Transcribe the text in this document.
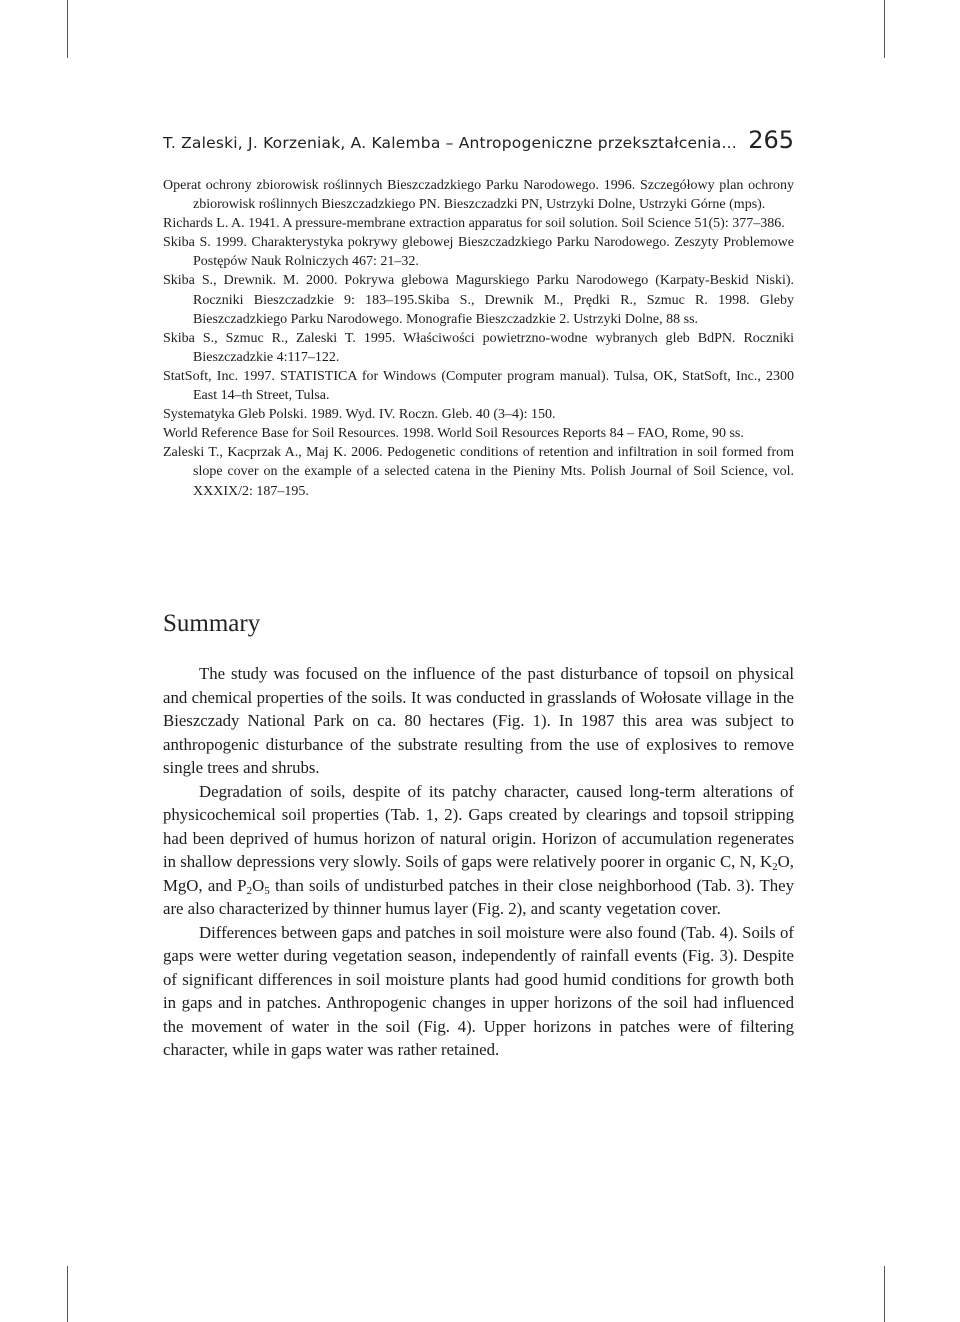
T. Zaleski, J. Korzeniak, A. Kalemba – Antropogeniczne przekształcenia... 265
Operat ochrony zbiorowisk roślinnych Bieszczadzkiego Parku Narodowego. 1996. Szczegółowy plan ochrony zbiorowisk roślinnych Bieszczadzkiego PN. Bieszczadzki PN, Ustrzyki Dolne, Ustrzyki Górne (mps).
Richards L. A. 1941. A pressure-membrane extraction apparatus for soil solution. Soil Science 51(5): 377–386.
Skiba S. 1999. Charakterystyka pokrywy glebowej Bieszczadzkiego Parku Narodowego. Zeszyty Problemowe Postępów Nauk Rolniczych 467: 21–32.
Skiba S., Drewnik. M. 2000. Pokrywa glebowa Magurskiego Parku Narodowego (Karpaty-Beskid Niski). Roczniki Bieszczadzkie 9: 183–195.Skiba S., Drewnik M., Prędki R., Szmuc R. 1998. Gleby Bieszczadzkiego Parku Narodowego. Monografie Bieszczadzkie 2. Ustrzyki Dolne, 88 ss.
Skiba S., Szmuc R., Zaleski T. 1995. Właściwości powietrzno-wodne wybranych gleb BdPN. Roczniki Bieszczadzkie 4:117–122.
StatSoft, Inc. 1997. STATISTICA for Windows (Computer program manual). Tulsa, OK, StatSoft, Inc., 2300 East 14–th Street, Tulsa.
Systematyka Gleb Polski. 1989. Wyd. IV. Roczn. Gleb. 40 (3–4): 150.
World Reference Base for Soil Resources. 1998. World Soil Resources Reports 84 – FAO, Rome, 90 ss.
Zaleski T., Kacprzak A., Maj K. 2006. Pedogenetic conditions of retention and infiltration in soil formed from slope cover on the example of a selected catena in the Pieniny Mts. Polish Journal of Soil Science, vol. XXXIX/2: 187–195.
Summary

The study was focused on the influence of the past disturbance of topsoil on physical and chemical properties of the soils. It was conducted in grasslands of Wołosate village in the Bieszczady National Park on ca. 80 hectares (Fig. 1). In 1987 this area was subject to anthropogenic disturbance of the substrate resulting from the use of explosives to remove single trees and shrubs.

Degradation of soils, despite of its patchy character, caused long-term alterations of physicochemical soil properties (Tab. 1, 2). Gaps created by clearings and topsoil stripping had been deprived of humus horizon of natural origin. Horizon of accumulation regenerates in shallow depressions very slowly. Soils of gaps were relatively poorer in organic C, N, $K_2O$, MgO, and $P_2O_5$ than soils of undisturbed patches in their close neighborhood (Tab. 3). They are also characterized by thinner humus layer (Fig. 2), and scanty vegetation cover.

Differences between gaps and patches in soil moisture were also found (Tab. 4). Soils of gaps were wetter during vegetation season, independently of rainfall events (Fig. 3). Despite of significant differences in soil moisture plants had good humid conditions for growth both in gaps and in patches. Anthropogenic changes in upper horizons of the soil had influenced the movement of water in the soil (Fig. 4). Upper horizons in patches were of filtering character, while in gaps water was rather retained.
